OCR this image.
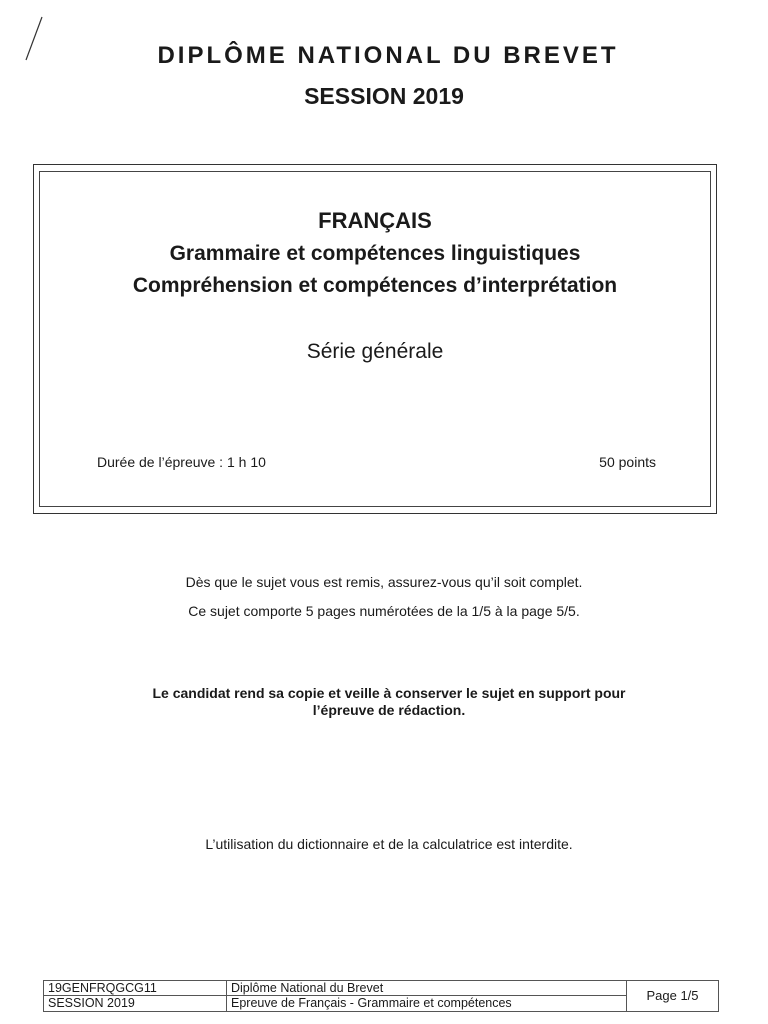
DIPLÔME NATIONAL DU BREVET
SESSION 2019

FRANÇAIS

Grammaire et compétences linguistiques

Compréhension et compétences d’interprétation

Série générale

Durée de l’épreuve : 1 h 10	50 points

Dès que le sujet vous est remis, assurez-vous qu’il soit complet.

Ce sujet comporte 5 pages numérotées de la 1/5 à la page 5/5.

Le candidat rend sa copie et veille à conserver le sujet en support pour

l’épreuve de rédaction.

L’utilisation du dictionnaire et de la calculatrice est interdite.
19GENFRQGCG11
SESSION 2019
Diplôme National du Brevet
Epreuve de Français - Grammaire et compétences	Page 1/5
